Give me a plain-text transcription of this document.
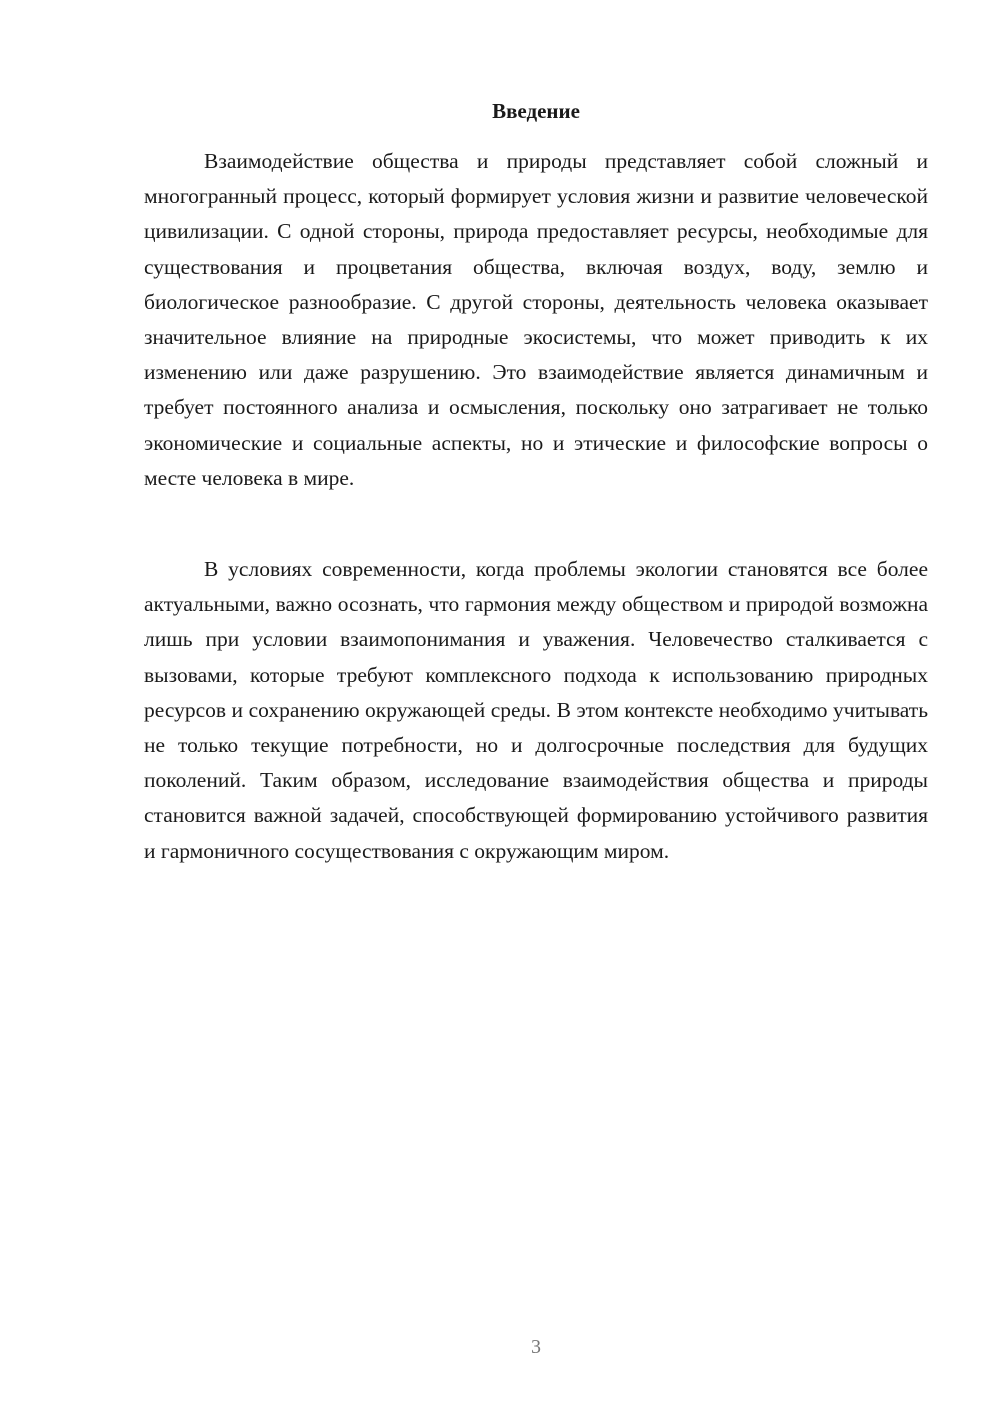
Введение

Взаимодействие общества и природы представляет собой сложный и многогранный процесс, который формирует условия жизни и развитие человеческой цивилизации. С одной стороны, природа предоставляет ресурсы, необходимые для существования и процветания общества, включая воздух, воду, землю и биологическое разнообразие. С другой стороны, деятельность человека оказывает значительное влияние на природные экосистемы, что может приводить к их изменению или даже разрушению. Это взаимодействие является динамичным и требует постоянного анализа и осмысления, поскольку оно затрагивает не только экономические и социальные аспекты, но и этические и философские вопросы о месте человека в мире.

В условиях современности, когда проблемы экологии становятся все более актуальными, важно осознать, что гармония между обществом и природой возможна лишь при условии взаимопонимания и уважения. Человечество сталкивается с вызовами, которые требуют комплексного подхода к использованию природных ресурсов и сохранению окружающей среды. В этом контексте необходимо учитывать не только текущие потребности, но и долгосрочные последствия для будущих поколений. Таким образом, исследование взаимодействия общества и природы становится важной задачей, способствующей формированию устойчивого развития и гармоничного сосуществования с окружающим миром.

3
